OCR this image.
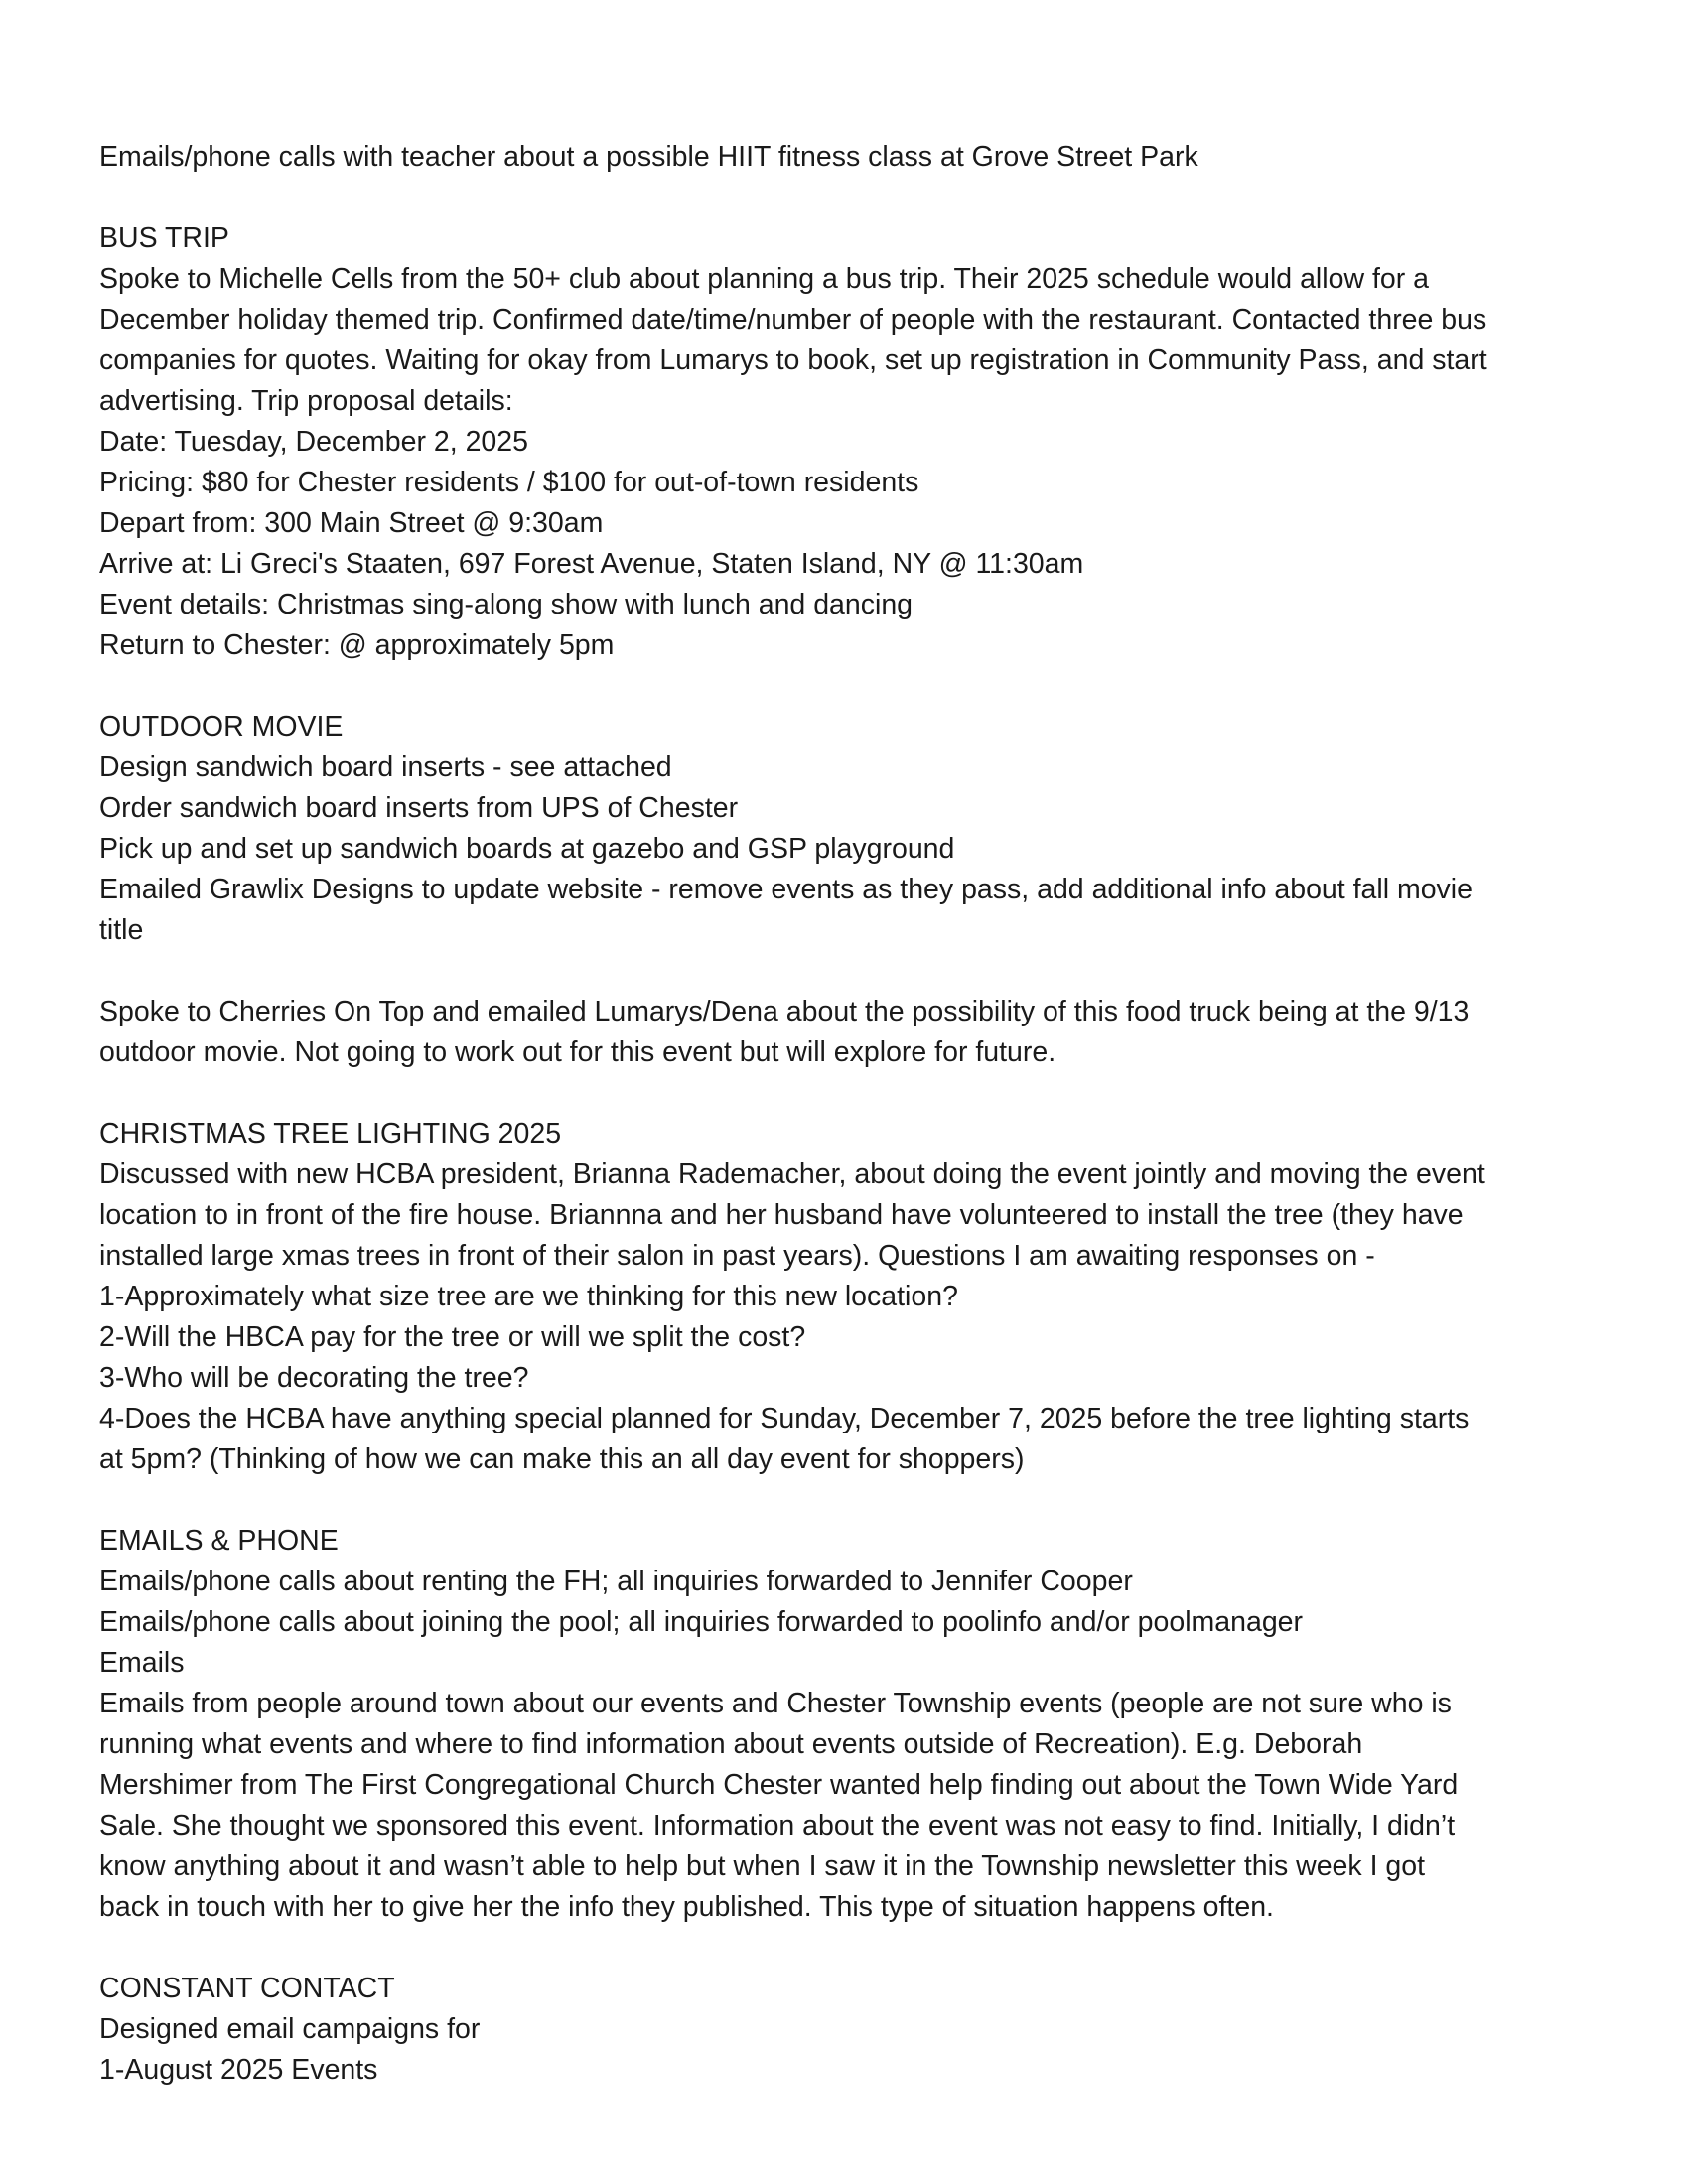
Emails/phone calls with teacher about a possible HIIT fitness class at Grove Street Park
BUS TRIP
Spoke to Michelle Cells from the 50+ club about planning a bus trip. Their 2025 schedule would allow for a
December holiday themed trip. Confirmed date/time/number of people with the restaurant. Contacted three bus
companies for quotes. Waiting for okay from Lumarys to book, set up registration in Community Pass, and start
advertising. Trip proposal details:
Date: Tuesday, December 2, 2025
Pricing: $80 for Chester residents / $100 for out-of-town residents
Depart from: 300 Main Street @ 9:30am
Arrive at: Li Greci's Staaten, 697 Forest Avenue, Staten Island, NY @ 11:30am
Event details: Christmas sing-along show with lunch and dancing
Return to Chester: @ approximately 5pm
OUTDOOR MOVIE
Design sandwich board inserts - see attached
Order sandwich board inserts from UPS of Chester
Pick up and set up sandwich boards at gazebo and GSP playground
Emailed Grawlix Designs to update website - remove events as they pass, add additional info about fall movie
title
Spoke to Cherries On Top and emailed Lumarys/Dena about the possibility of this food truck being at the 9/13
outdoor movie. Not going to work out for this event but will explore for future.
CHRISTMAS TREE LIGHTING 2025
Discussed with new HCBA president, Brianna Rademacher, about doing the event jointly and moving the event
location to in front of the fire house. Briannna and her husband have volunteered to install the tree (they have
installed large xmas trees in front of their salon in past years). Questions I am awaiting responses on -
1-Approximately what size tree are we thinking for this new location?
2-Will the HBCA pay for the tree or will we split the cost?
3-Who will be decorating the tree?
4-Does the HCBA have anything special planned for Sunday, December 7, 2025 before the tree lighting starts
at 5pm? (Thinking of how we can make this an all day event for shoppers)
EMAILS & PHONE
Emails/phone calls about renting the FH; all inquiries forwarded to Jennifer Cooper
Emails/phone calls about joining the pool; all inquiries forwarded to poolinfo and/or poolmanager
Emails
Emails from people around town about our events and Chester Township events (people are not sure who is
running what events and where to find information about events outside of Recreation). E.g. Deborah
Mershimer from The First Congregational Church Chester wanted help finding out about the Town Wide Yard
Sale. She thought we sponsored this event. Information about the event was not easy to find. Initially, I didn’t
know anything about it and wasn’t able to help but when I saw it in the Township newsletter this week I got
back in touch with her to give her the info they published. This type of situation happens often.
CONSTANT CONTACT
Designed email campaigns for
1-August 2025 Events
